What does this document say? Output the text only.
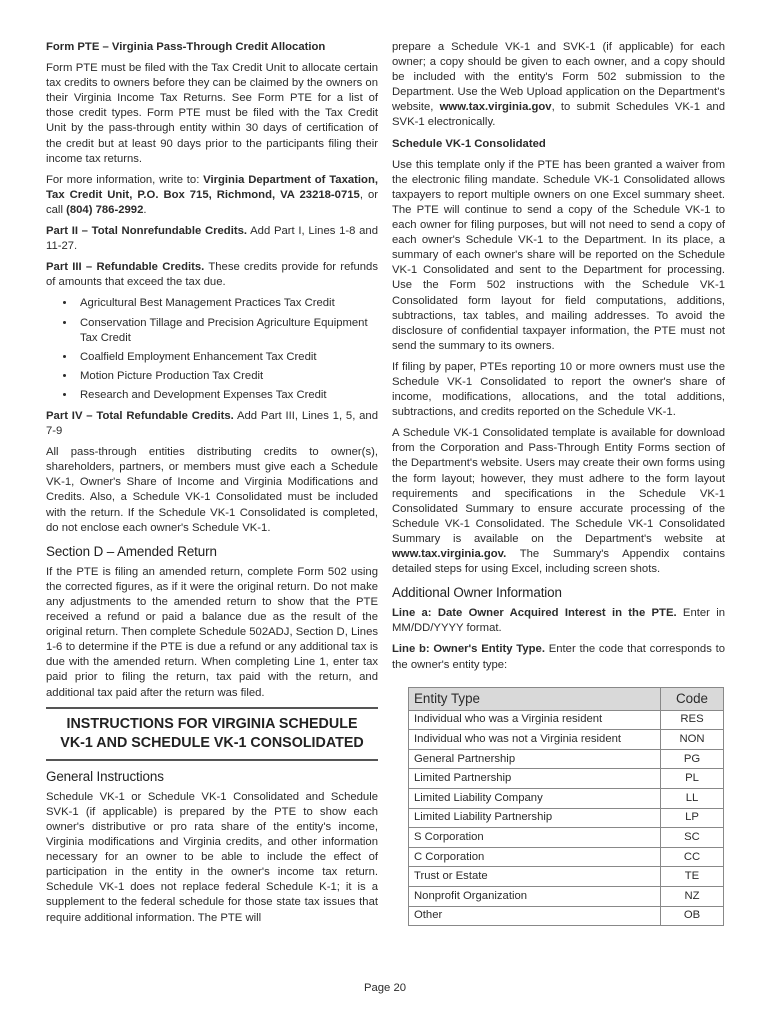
Form PTE – Virginia Pass-Through Credit Allocation

Form PTE must be filed with the Tax Credit Unit to allocate certain tax credits to owners before they can be claimed by the owners on their Virginia Income Tax Returns. See Form PTE for a list of those credit types. Form PTE must be filed with the Tax Credit Unit by the pass-through entity within 30 days of certification of the credit but at least 90 days prior to the participants filing their income tax returns.

For more information, write to: Virginia Department of Taxation, Tax Credit Unit, P.O. Box 715, Richmond, VA 23218-0715, or call (804) 786-2992.

Part II – Total Nonrefundable Credits. Add Part I, Lines 1-8 and 11-27.

Part III – Refundable Credits. These credits provide for refunds of amounts that exceed the tax due.

• Agricultural Best Management Practices Tax Credit
• Conservation Tillage and Precision Agriculture Equipment Tax Credit
• Coalfield Employment Enhancement Tax Credit
• Motion Picture Production Tax Credit
• Research and Development Expenses Tax Credit

Part IV – Total Refundable Credits. Add Part III, Lines 1, 5, and 7-9

All pass-through entities distributing credits to owner(s), shareholders, partners, or members must give each a Schedule VK-1, Owner's Share of Income and Virginia Modifications and Credits. Also, a Schedule VK-1 Consolidated must be included with the return. If the Schedule VK-1 Consolidated is completed, do not enclose each owner's Schedule VK-1.

Section D – Amended Return

If the PTE is filing an amended return, complete Form 502 using the corrected figures, as if it were the original return. Do not make any adjustments to the amended return to show that the PTE received a refund or paid a balance due as the result of the original return. Then complete Schedule 502ADJ, Section D, Lines 1-6 to determine if the PTE is due a refund or any additional tax is due with the amended return. When completing Line 1, enter tax paid prior to filing the return, tax paid with the return, and additional tax paid after the return was filed.

INSTRUCTIONS FOR VIRGINIA SCHEDULE
VK-1 AND SCHEDULE VK-1 CONSOLIDATED
General Instructions

Schedule VK-1 or Schedule VK-1 Consolidated and Schedule SVK-1 (if applicable) is prepared by the PTE to show each owner's distributive or pro rata share of the entity's income, Virginia modifications and Virginia credits, and other information necessary for an owner to be able to include the effect of participation in the entity in the owner's income tax return. Schedule VK-1 does not replace federal Schedule K-1; it is a supplement to the federal schedule for those state tax issues that require additional information. The PTE will

prepare a Schedule VK-1 and SVK-1 (if applicable) for each owner; a copy should be given to each owner, and a copy should be included with the entity's Form 502 submission to the Department. Use the Web Upload application on the Department's website, www.tax.virginia.gov, to submit Schedules VK-1 and SVK-1 electronically.

Schedule VK-1 Consolidated

Use this template only if the PTE has been granted a waiver from the electronic filing mandate. Schedule VK-1 Consolidated allows taxpayers to report multiple owners on one Excel summary sheet. The PTE will continue to send a copy of the Schedule VK-1 to each owner for filing purposes, but will not need to send a copy of each owner's Schedule VK-1 to the Department. In its place, a summary of each owner's share will be reported on the Schedule VK-1 Consolidated and sent to the Department for processing. Use the Form 502 instructions with the Schedule VK-1 Consolidated form layout for field computations, additions, subtractions, tax tables, and mailing addresses. To avoid the disclosure of confidential taxpayer information, the PTE must not send the summary to its owners.

If filing by paper, PTEs reporting 10 or more owners must use the Schedule VK-1 Consolidated to report the owner's share of income, modifications, allocations, and the total additions, subtractions, and credits reported on the Schedule VK-1.

A Schedule VK-1 Consolidated template is available for download from the Corporation and Pass-Through Entity Forms section of the Department's website. Users may create their own forms using the form layout; however, they must adhere to the form layout requirements and specifications in the Schedule VK-1 Consolidated Summary to ensure accurate processing of the Schedule VK-1 Consolidated. The Schedule VK-1 Consolidated Summary is available on the Department's website at www.tax.virginia.gov. The Summary's Appendix contains detailed steps for using Excel, including screen shots.

Additional Owner Information

Line a: Date Owner Acquired Interest in the PTE. Enter in MM/DD/YYYY format.

Line b: Owner's Entity Type. Enter the code that corresponds to the owner's entity type:

Entity Type	Code
Individual who was a Virginia resident	RES
Individual who was not a Virginia resident	NON
General Partnership	PG
Limited Partnership	PL
Limited Liability Company	LL
Limited Liability Partnership	LP
S Corporation	SC
C Corporation	CC
Trust or Estate	TE
Nonprofit Organization	NZ
Other	OB
Page 20
